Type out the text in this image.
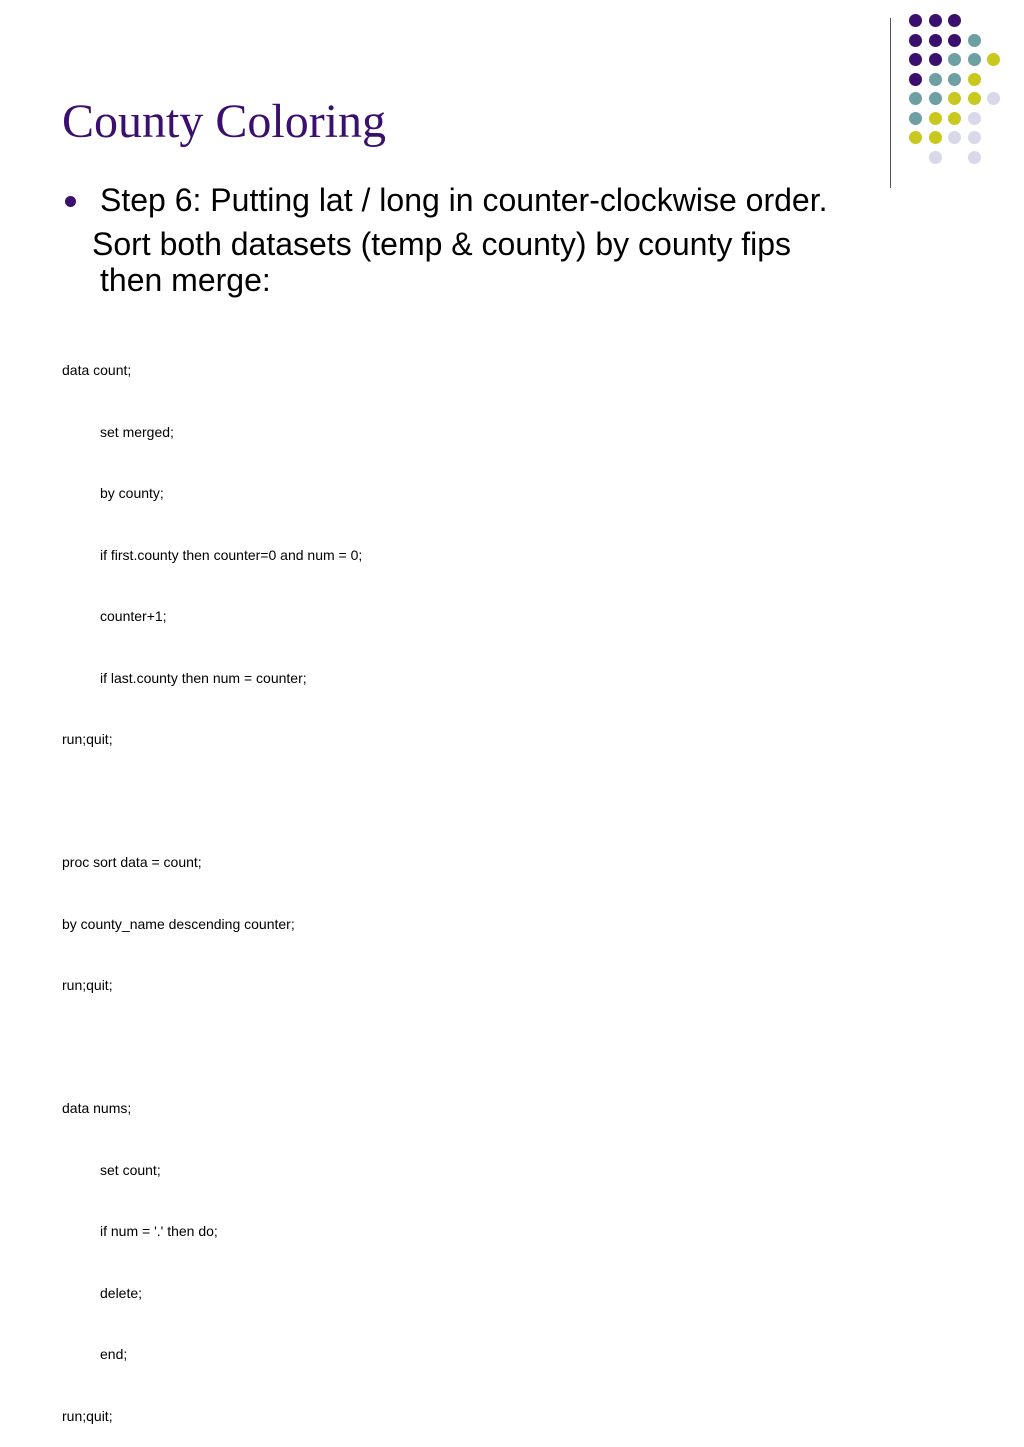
County Coloring
Step 6: Putting lat / long in counter-clockwise order.
Sort both datasets (temp & county) by county fips
then merge:

data count;

set merged;

by county;

if first.county then counter=0 and num = 0;

counter+1;

if last.county then num = counter;

run;quit;

proc sort data = count;

by county_name descending counter;

run;quit;

data nums;

set count;

if num = '.' then do;

delete;

end;

run;quit;
